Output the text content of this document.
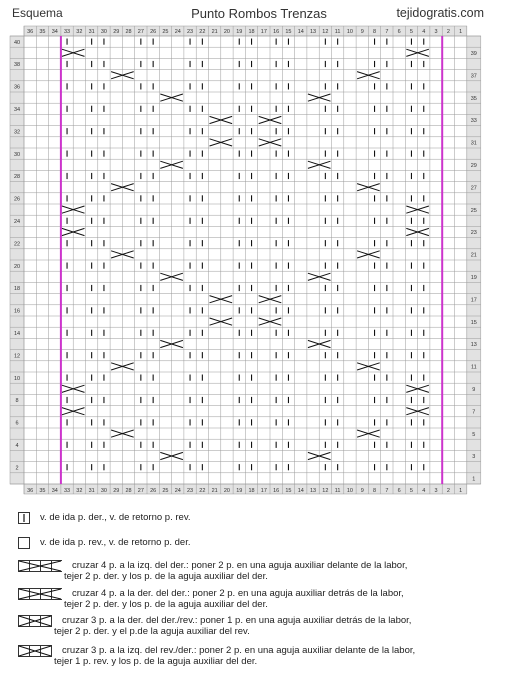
Esquema	Punto Rombos Trenzas	tejidogratis.com
36
36
35
35
34
34
33
33
32
32
31
31
30
30
29
29
28
28
27
27
26
26
25
25
24
24
23
23
22
22
21
21
20
20
19
19
18
18
17
17
16
16
15
15
14
14
13
13
12
12
11
11
10
10
9
9
8
8
7
7
6
6
5
5
4
4
3
3
2
2
1
1
40
38
36
34
32
30
28
26
24
22
20
18
16
14
12
10
8
6
4
2
39
37
35
33
31
29
27
25
23
21
19
17
15
13
11
9
7
5
3
1
v. de ida p. der., v. de retorno p. rev.
v. de ida p. rev., v. de retorno p. der.
cruzar 4 p. a la izq. del der.: poner 2 p. en una aguja auxiliar delante de la labor,
tejer 2 p. der. y los p. de la aguja auxiliar del der.
cruzar 4 p. a la der. del der.: poner 2 p. en una aguja auxiliar detrás de la labor,
tejer 2 p. der. y los p. de la aguja auxiliar del der.
cruzar 3 p. a la der. del der./rev.: poner 1 p. en una aguja auxiliar detrás de la labor,
tejer 2 p. der. y el p.de la aguja auxiliar del rev.
cruzar 3 p. a la izq. del rev./der.: poner 2 p. en una aguja auxiliar delante de la labor,
tejer 1 p. rev. y los p. de la aguja auxiliar del der.
